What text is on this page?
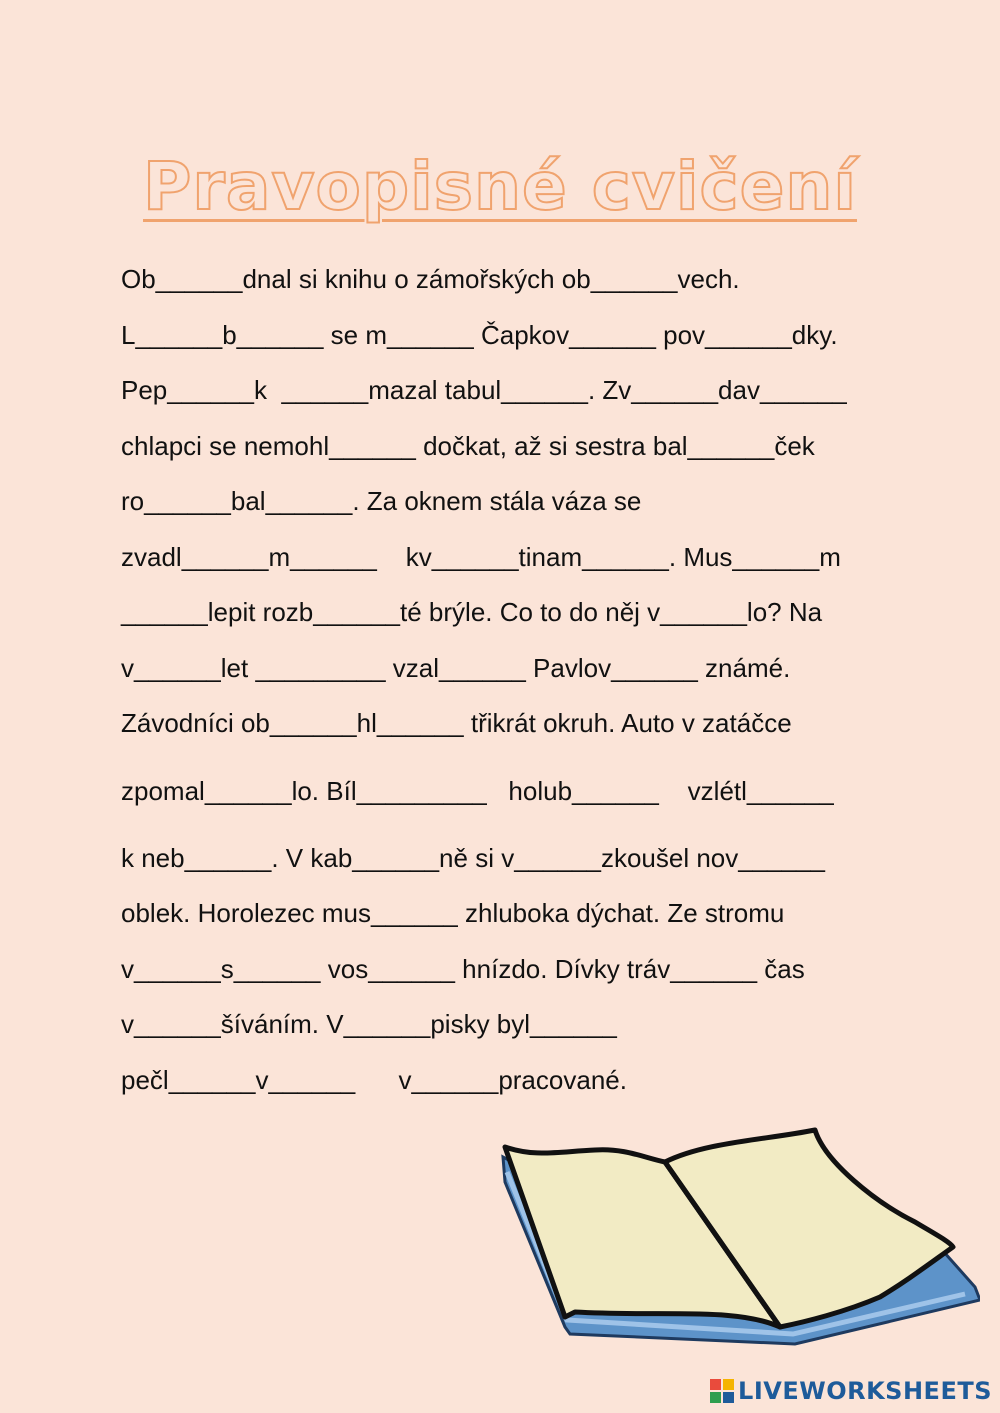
Pravopisné cvičení
Ob______dnal si knihu o zámořských ob______vech.
L______b______ se m______ Čapkov______ pov______dky.
Pep______k  ______mazal tabul______. Zv______dav______
chlapci se nemohl______ dočkat, až si sestra bal______ček
ro______bal______. Za oknem stála váza se
zvadl______m______    kv______tinam______. Mus______m
______lepit rozb______té brýle. Co to do něj v______lo? Na
v______let _________ vzal______ Pavlov______ známé.
Závodníci ob______hl______ třikrát okruh. Auto v zatáčce
zpomal______lo. Bíl_________   holub______    vzlétl______
k neb______. V kab______ně si v______zkoušel nov______
oblek. Horolezec mus______ zhluboka dýchat. Ze stromu
v______s______ vos______ hnízdo. Dívky tráv______ čas
v______šíváním. V______pisky byl______
pečl______v______      v______pracované.
LIVEWORKSHEETS
